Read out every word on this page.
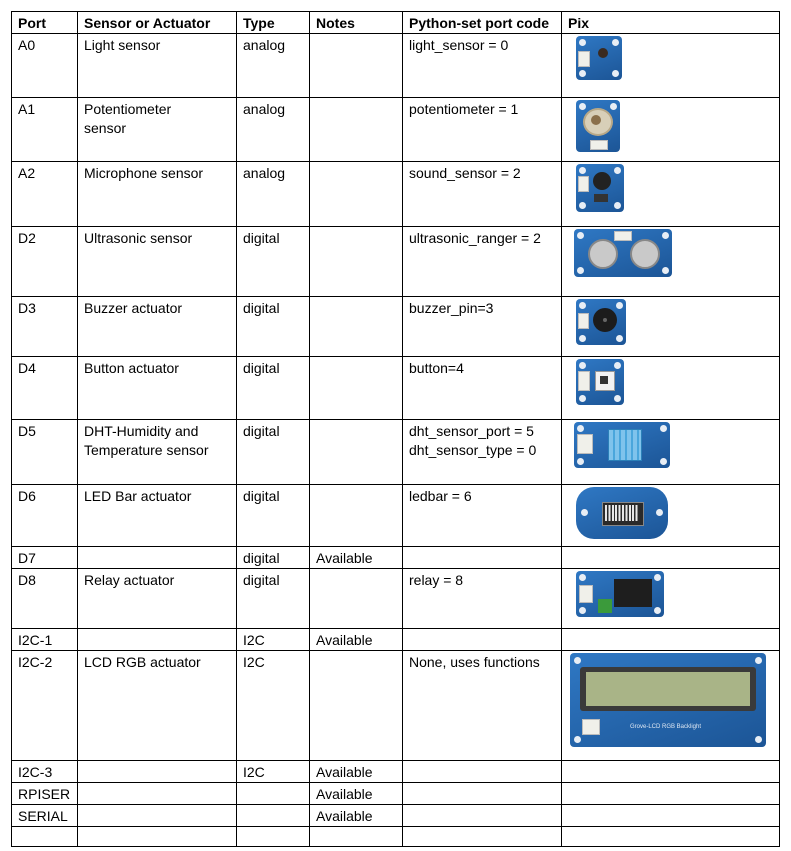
Port	Sensor or Actuator	Type	Notes	Python-set port code	Pix
A0	Light sensor	analog		light_sensor = 0	

A1	Potentiometer
sensor	analog		potentiometer = 1	

A2	Microphone sensor	analog		sound_sensor = 2	

D2	Ultrasonic sensor	digital		ultrasonic_ranger = 2	

D3	Buzzer actuator	digital		buzzer_pin=3	

D4	Button actuator	digital		button=4	

D5	DHT-Humidity and
Temperature sensor	digital		dht_sensor_port = 5
dht_sensor_type = 0	

D6	LED Bar actuator	digital		ledbar = 6	

D7		digital	Available		
D8	Relay actuator	digital		relay = 8	

I2C-1		I2C	Available		
I2C-2	LCD RGB actuator	I2C		None, uses functions	Grove-LCD RGB Backlight

I2C-3		I2C	Available		
RPISER			Available		
SERIAL			Available		
